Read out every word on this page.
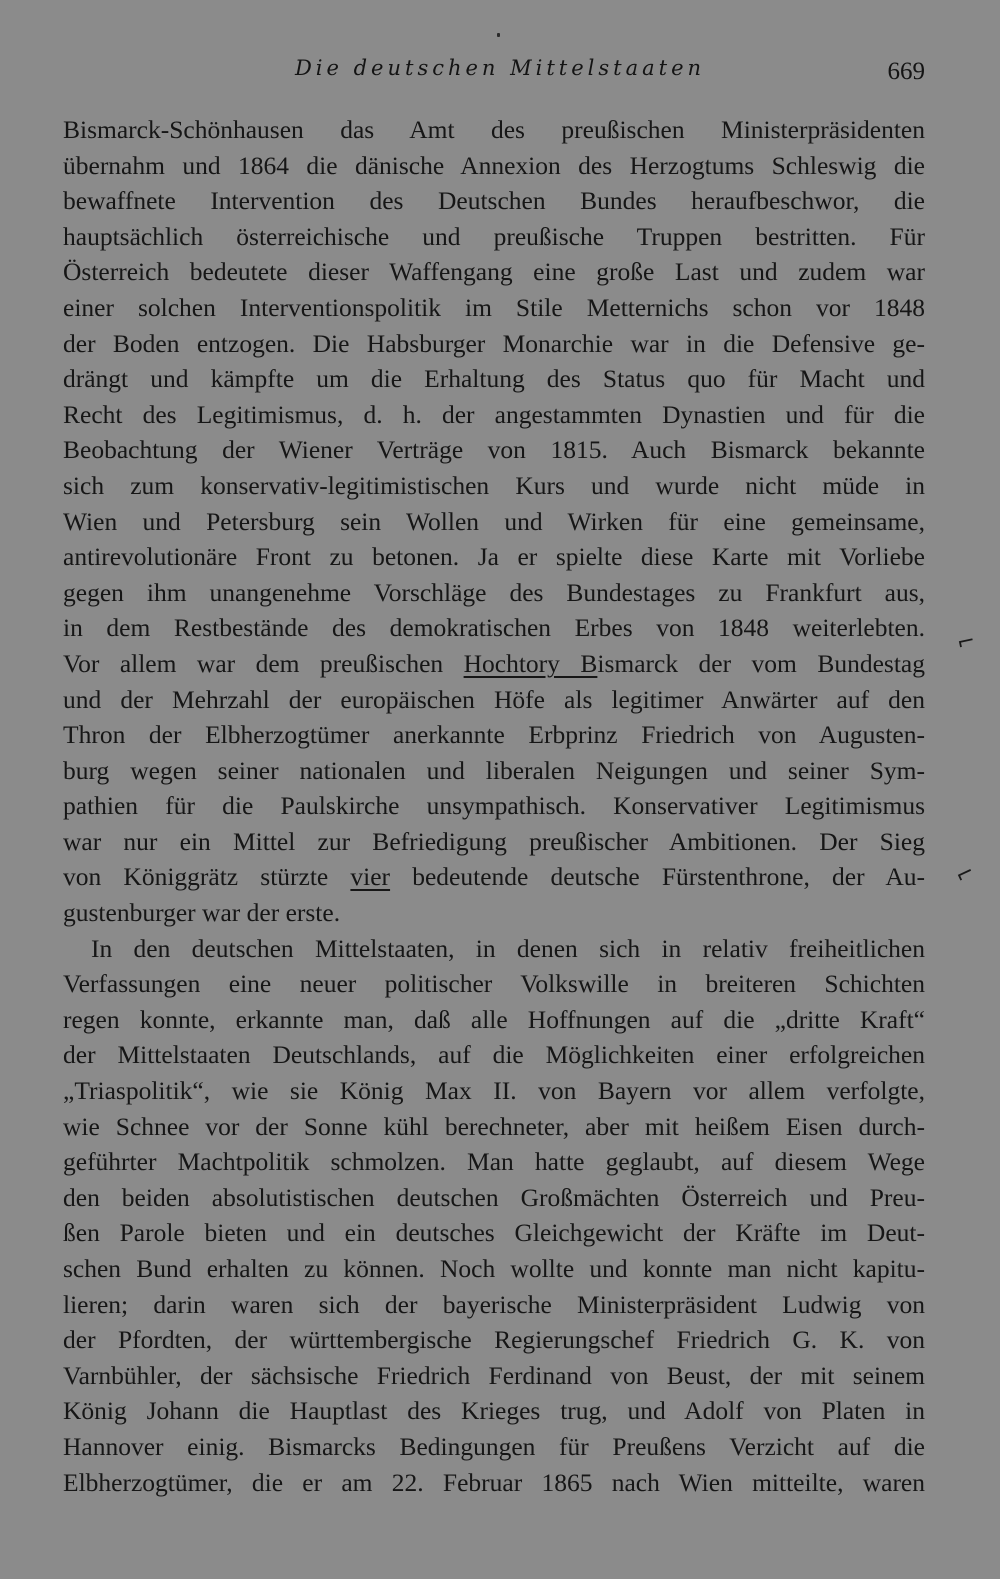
Die deutschen Mittelstaaten	669
Bismarck-Schönhausen das Amt des preußischen Ministerpräsidenten
übernahm und 1864 die dänische Annexion des Herzogtums Schleswig die
bewaffnete Intervention des Deutschen Bundes heraufbeschwor, die
hauptsächlich österreichische und preußische Truppen bestritten. Für
Österreich bedeutete dieser Waffengang eine große Last und zudem war
einer solchen Interventionspolitik im Stile Metternichs schon vor 1848
der Boden entzogen. Die Habsburger Monarchie war in die Defensive ge-
drängt und kämpfte um die Erhaltung des Status quo für Macht und
Recht des Legitimismus, d. h. der angestammten Dynastien und für die
Beobachtung der Wiener Verträge von 1815. Auch Bismarck bekannte
sich zum konservativ-legitimistischen Kurs und wurde nicht müde in
Wien und Petersburg sein Wollen und Wirken für eine gemeinsame,
antirevolutionäre Front zu betonen. Ja er spielte diese Karte mit Vorliebe
gegen ihm unangenehme Vorschläge des Bundestages zu Frankfurt aus,
in dem Restbestände des demokratischen Erbes von 1848 weiterlebten.
Vor allem war dem preußischen Hochtory Bismarck der vom Bundestag
und der Mehrzahl der europäischen Höfe als legitimer Anwärter auf den
Thron der Elbherzogtümer anerkannte Erbprinz Friedrich von Augusten-
burg wegen seiner nationalen und liberalen Neigungen und seiner Sym-
pathien für die Paulskirche unsympathisch. Konservativer Legitimismus
war nur ein Mittel zur Befriedigung preußischer Ambitionen. Der Sieg
von Königgrätz stürzte vier bedeutende deutsche Fürstenthrone, der Au-
gustenburger war der erste.
In den deutschen Mittelstaaten, in denen sich in relativ freiheitlichen
Verfassungen eine neuer politischer Volkswille in breiteren Schichten
regen konnte, erkannte man, daß alle Hoffnungen auf die „dritte Kraft“
der Mittelstaaten Deutschlands, auf die Möglichkeiten einer erfolgreichen
„Triaspolitik“, wie sie König Max II. von Bayern vor allem verfolgte,
wie Schnee vor der Sonne kühl berechneter, aber mit heißem Eisen durch-
geführter Machtpolitik schmolzen. Man hatte geglaubt, auf diesem Wege
den beiden absolutistischen deutschen Großmächten Österreich und Preu-
ßen Parole bieten und ein deutsches Gleichgewicht der Kräfte im Deut-
schen Bund erhalten zu können. Noch wollte und konnte man nicht kapitu-
lieren; darin waren sich der bayerische Ministerpräsident Ludwig von
der Pfordten, der württembergische Regierungschef Friedrich G. K. von
Varnbühler, der sächsische Friedrich Ferdinand von Beust, der mit seinem
König Johann die Hauptlast des Krieges trug, und Adolf von Platen in
Hannover einig. Bismarcks Bedingungen für Preußens Verzicht auf die
Elbherzogtümer, die er am 22. Februar 1865 nach Wien mitteilte, waren
⌐
⌐
